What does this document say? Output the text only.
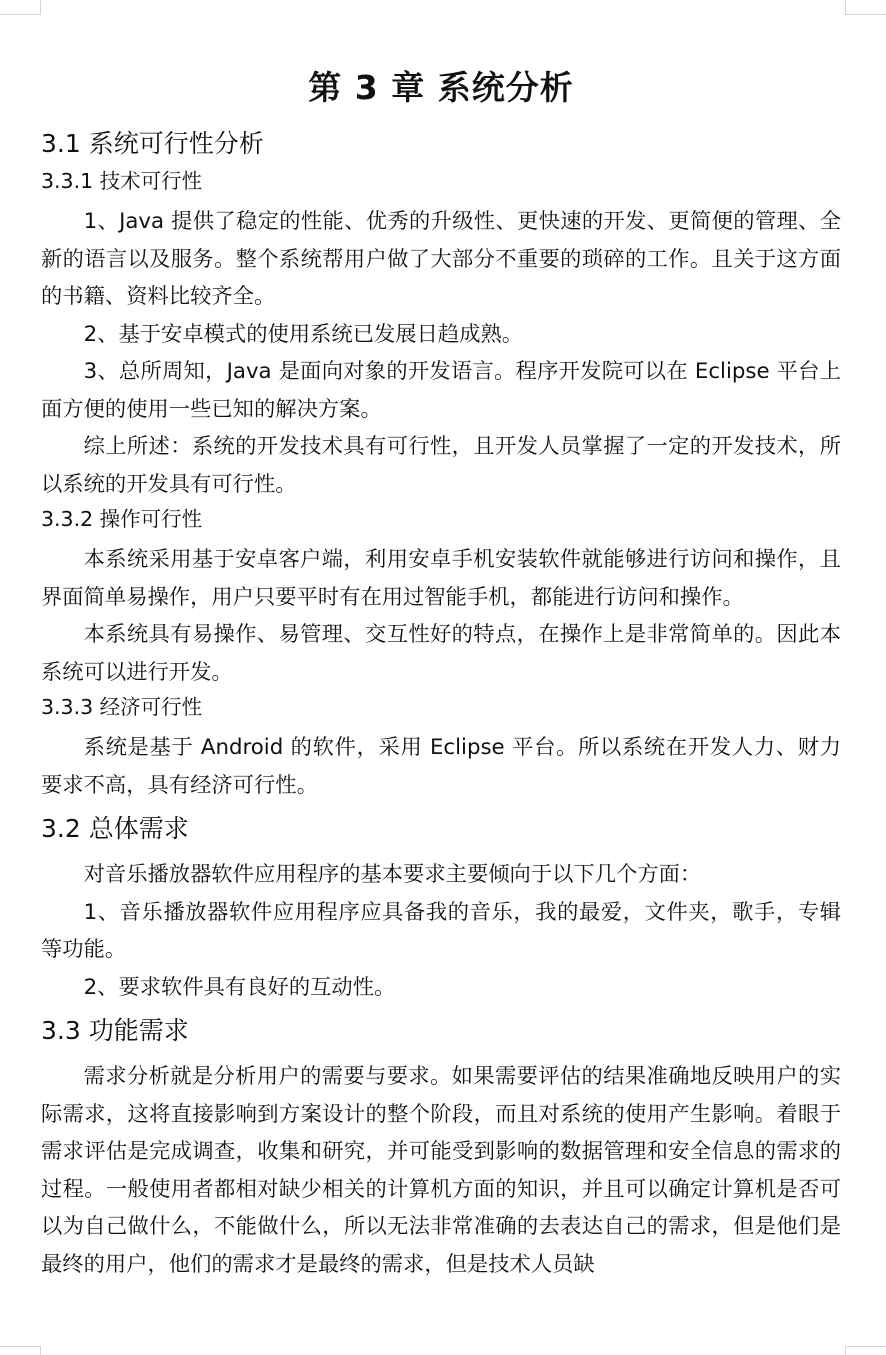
第 3 章 系统分析
3.1 系统可行性分析
3.3.1 技术可行性

1、Java 提供了稳定的性能、优秀的升级性、更快速的开发、更简便的管理、全新的语言以及服务。整个系统帮用户做了大部分不重要的琐碎的工作。且关于这方面的书籍、资料比较齐全。

2、基于安卓模式的使用系统已发展日趋成熟。

3、总所周知，Java 是面向对象的开发语言。程序开发院可以在 Eclipse 平台上面方便的使用一些已知的解决方案。

综上所述：系统的开发技术具有可行性，且开发人员掌握了一定的开发技术，所以系统的开发具有可行性。

3.3.2 操作可行性

本系统采用基于安卓客户端，利用安卓手机安装软件就能够进行访问和操作，且界面简单易操作，用户只要平时有在用过智能手机，都能进行访问和操作。

本系统具有易操作、易管理、交互性好的特点，在操作上是非常简单的。因此本系统可以进行开发。

3.3.3 经济可行性

系统是基于 Android 的软件，采用 Eclipse 平台。所以系统在开发人力、财力要求不高，具有经济可行性。

3.2 总体需求

对音乐播放器软件应用程序的基本要求主要倾向于以下几个方面：

1、音乐播放器软件应用程序应具备我的音乐，我的最爱，文件夹，歌手，专辑等功能。

2、要求软件具有良好的互动性。

3.3 功能需求

需求分析就是分析用户的需要与要求。如果需要评估的结果准确地反映用户的实际需求，这将直接影响到方案设计的整个阶段，而且对系统的使用产生影响。着眼于需求评估是完成调查，收集和研究，并可能受到影响的数据管理和安全信息的需求的过程。一般使用者都相对缺少相关的计算机方面的知识，并且可以确定计算机是否可以为自己做什么，不能做什么，所以无法非常准确的去表达自己的需求，但是他们是最终的用户，他们的需求才是最终的需求，但是技术人员缺
